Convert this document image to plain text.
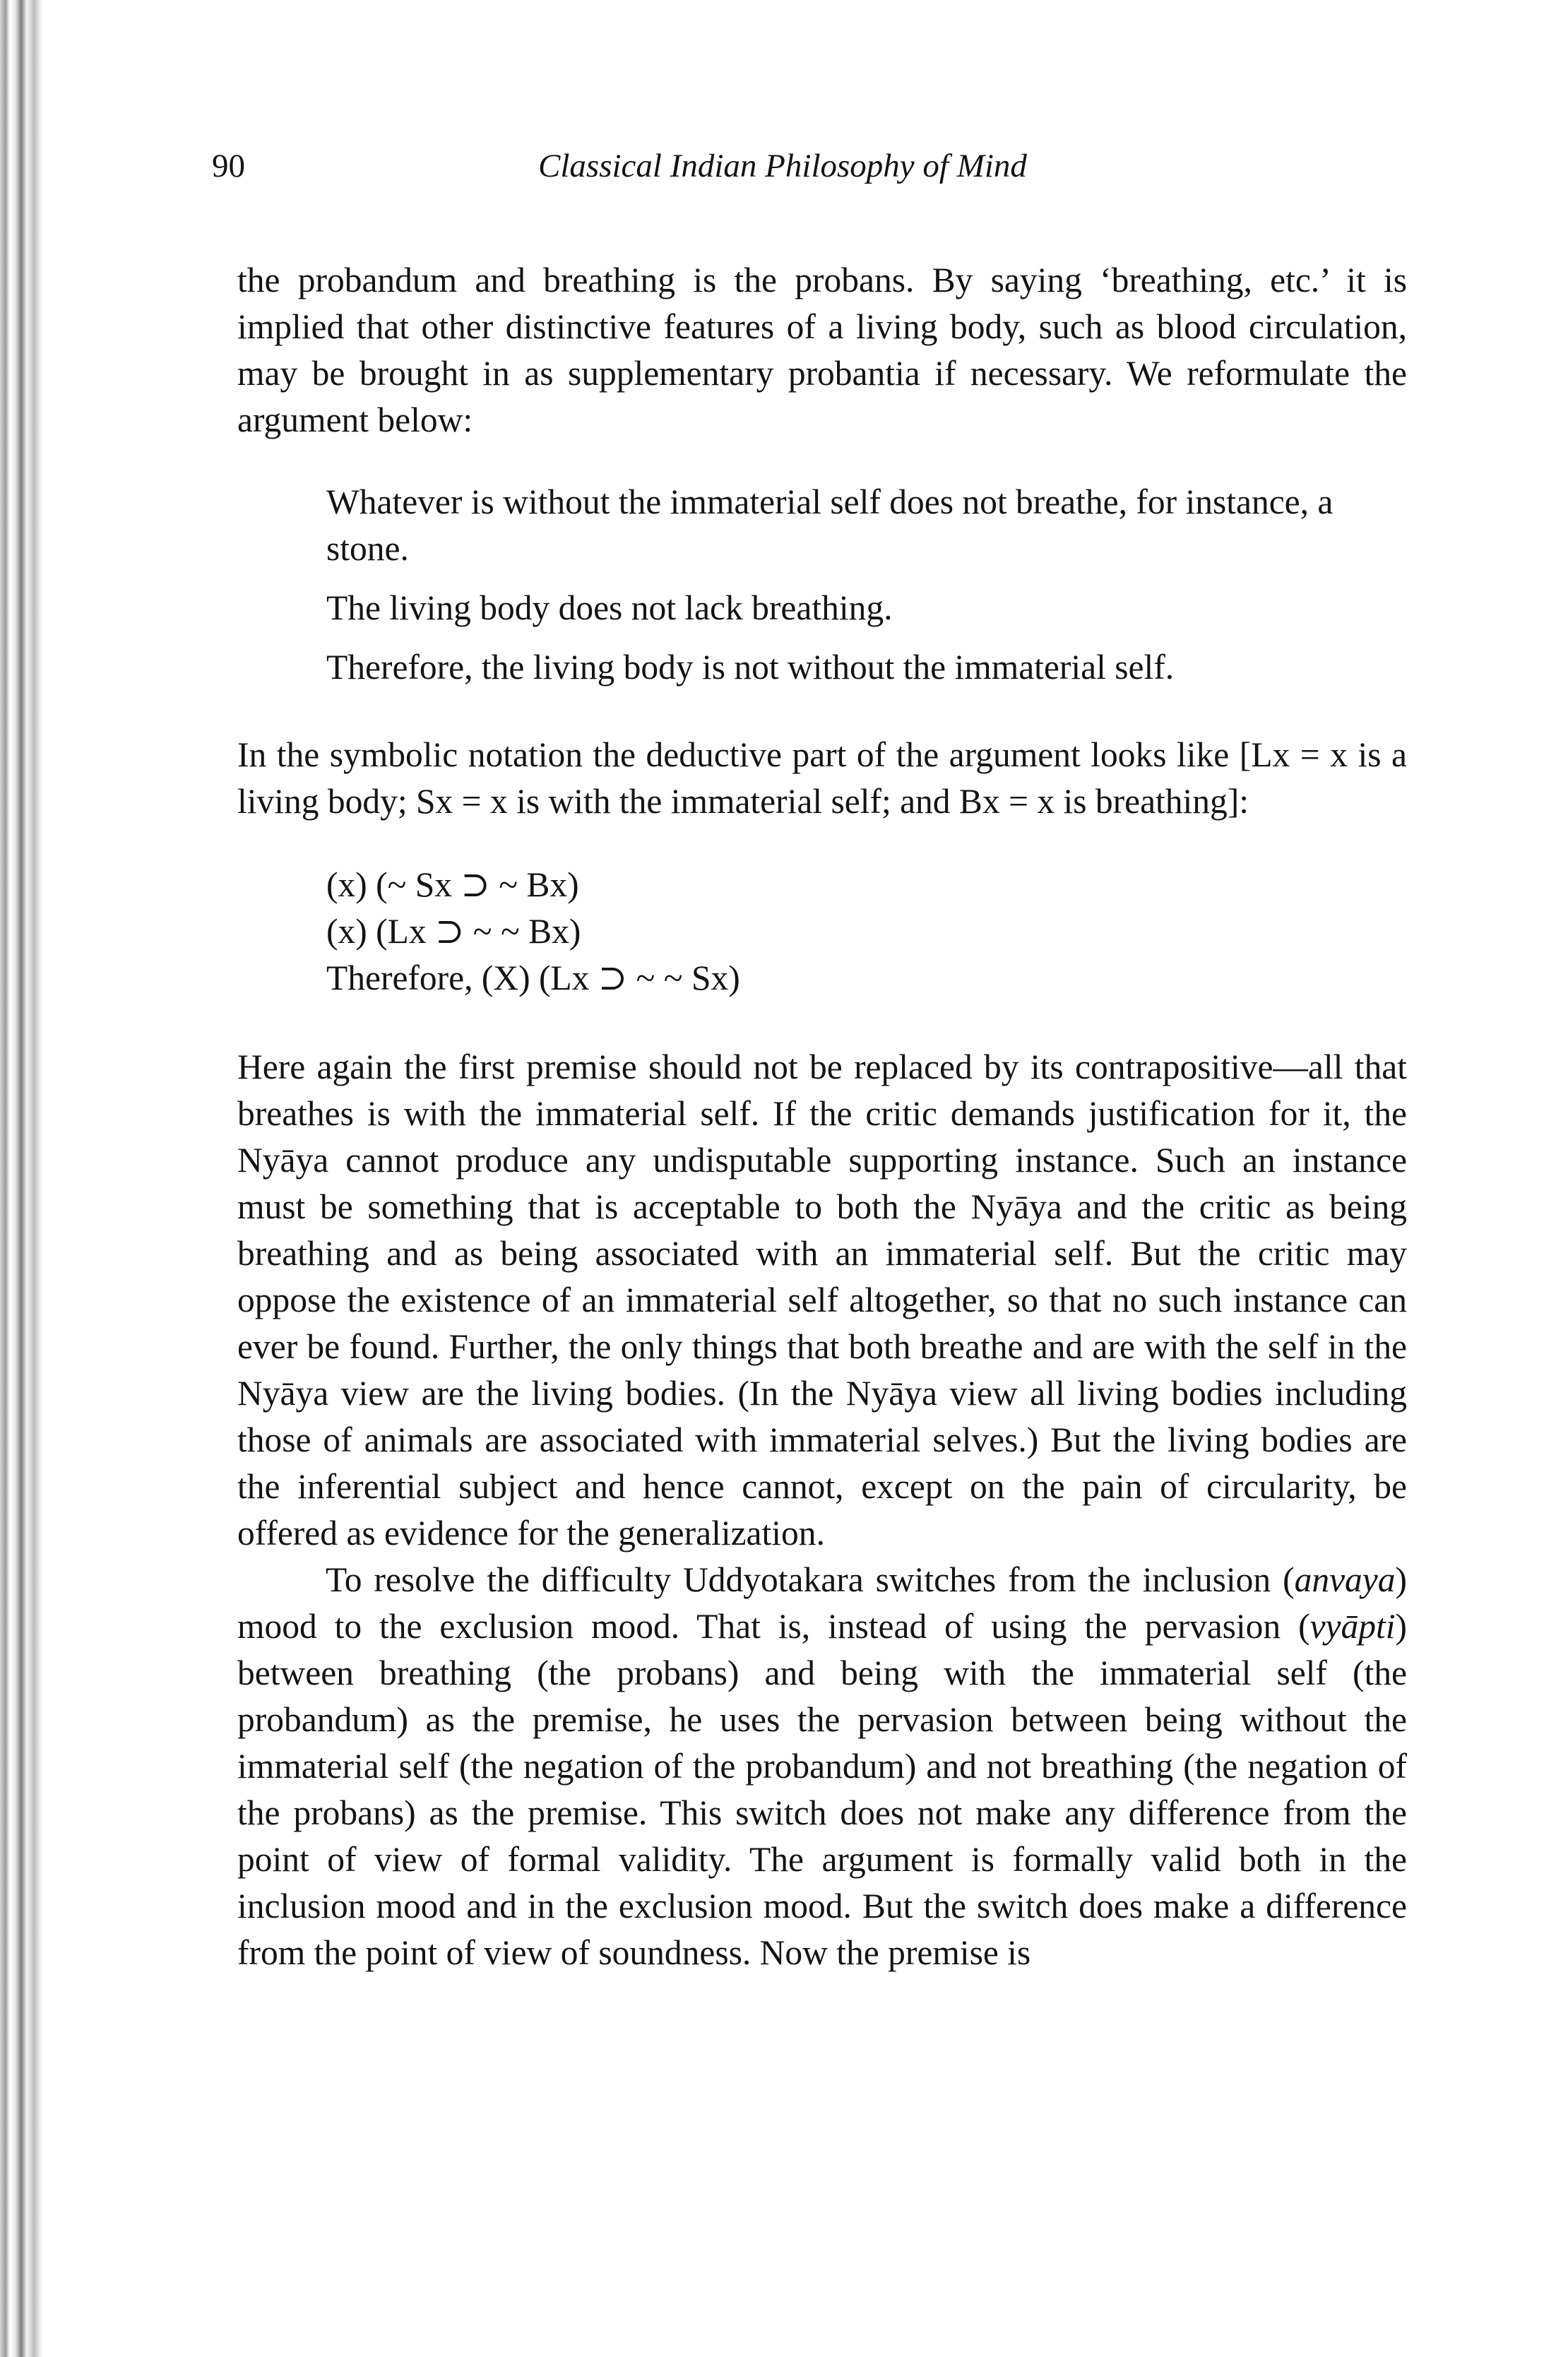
90	Classical Indian Philosophy of Mind

the probandum and breathing is the probans. By saying ‘breathing, etc.’ it is implied that other distinctive features of a living body, such as blood circulation, may be brought in as supplementary probantia if necessary. We reformulate the argument below:

Whatever is without the immaterial self does not breathe, for instance, a stone.

The living body does not lack breathing.

Therefore, the living body is not without the immaterial self.

In the symbolic notation the deductive part of the argument looks like [Lx = x is a living body; Sx = x is with the immaterial self; and Bx = x is breathing]:

(x) (~ Sx ⊃ ~ Bx)
(x) (Lx ⊃ ~ ~ Bx)
Therefore, (X) (Lx ⊃ ~ ~ Sx)

Here again the first premise should not be replaced by its contrapositive—all that breathes is with the immaterial self. If the critic demands justification for it, the Nyāya cannot produce any undisputable supporting instance. Such an instance must be something that is acceptable to both the Nyāya and the critic as being breathing and as being associated with an immaterial self. But the critic may oppose the existence of an immaterial self altogether, so that no such instance can ever be found. Further, the only things that both breathe and are with the self in the Nyāya view are the living bodies. (In the Nyāya view all living bodies including those of animals are associated with immaterial selves.) But the living bodies are the inferential subject and hence cannot, except on the pain of circularity, be offered as evidence for the generalization.

To resolve the difficulty Uddyotakara switches from the inclusion (anvaya) mood to the exclusion mood. That is, instead of using the pervasion (vyāpti) between breathing (the probans) and being with the immaterial self (the probandum) as the premise, he uses the pervasion between being without the immaterial self (the negation of the probandum) and not breathing (the negation of the probans) as the premise. This switch does not make any difference from the point of view of formal validity. The argument is formally valid both in the inclusion mood and in the exclusion mood. But the switch does make a difference from the point of view of soundness. Now the premise is
